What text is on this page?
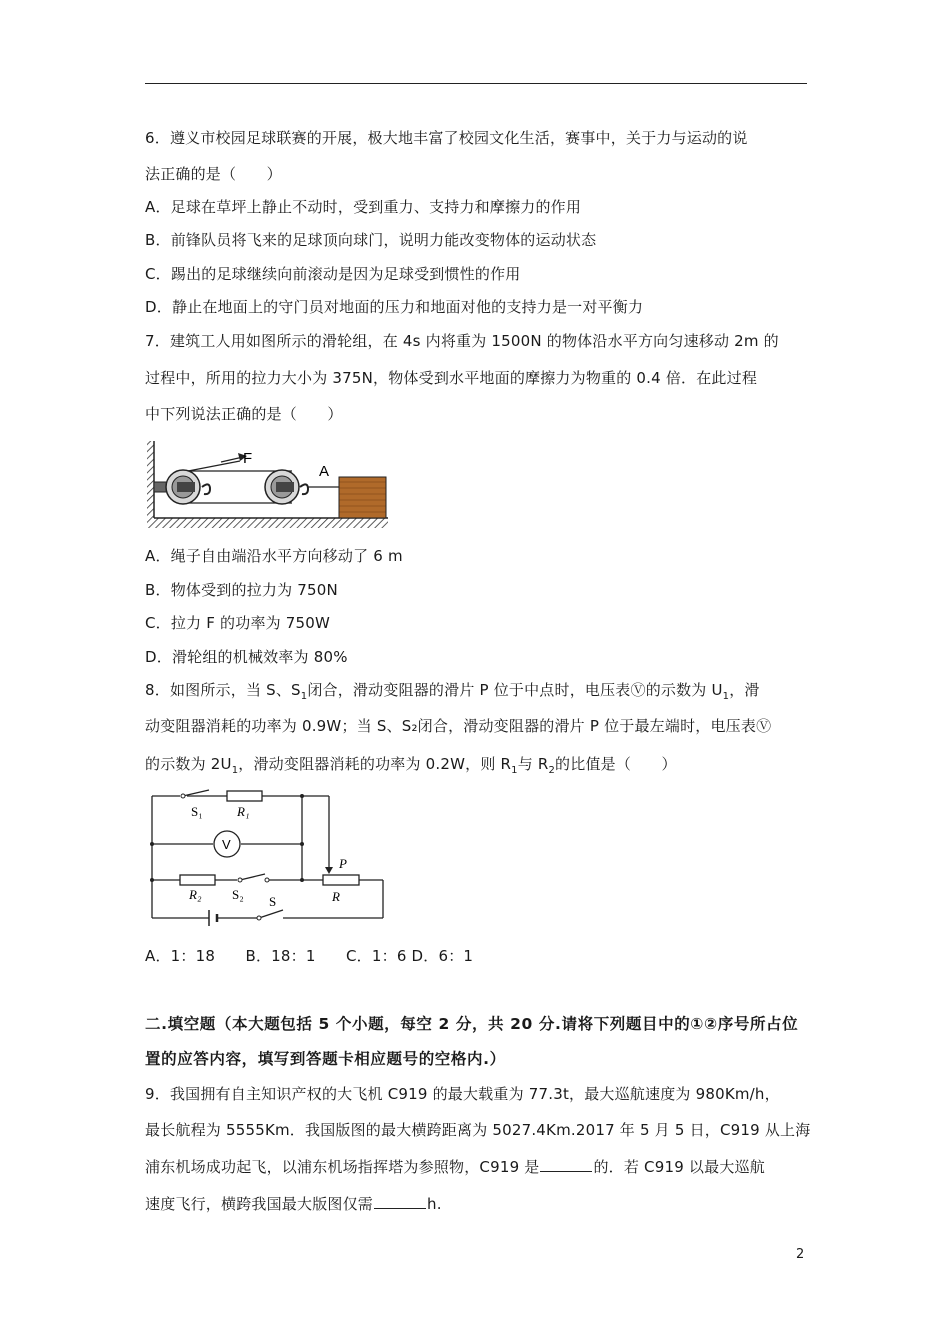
6．遵义市校园足球联赛的开展，极大地丰富了校园文化生活，赛事中，关于力与运动的说
法正确的是（　　）
A．足球在草坪上静止不动时，受到重力、支持力和摩擦力的作用
B．前锋队员将飞来的足球顶向球门，说明力能改变物体的运动状态
C．踢出的足球继续向前滚动是因为足球受到惯性的作用
D．静止在地面上的守门员对地面的压力和地面对他的支持力是一对平衡力
7．建筑工人用如图所示的滑轮组，在 4s 内将重为 1500N 的物体沿水平方向匀速移动 2m 的
过程中，所用的拉力大小为 375N，物体受到水平地面的摩擦力为物重的 0.4 倍．在此过程
中下列说法正确的是（　　）
F
A
A．绳子自由端沿水平方向移动了 6 m
B．物体受到的拉力为 750N
C．拉力 F 的功率为 750W
D．滑轮组的机械效率为 80%
8．如图所示，当 S、$S_1$闭合，滑动变阻器的滑片 P 位于中点时，电压表Ⓥ的示数为 $U_1$，滑
动变阻器消耗的功率为 0.9W；当 S、S₂闭合，滑动变阻器的滑片 P 位于最左端时，电压表Ⓥ
的示数为 $2U_1$，滑动变阻器消耗的功率为 0.2W，则 $R_1$与 $R_2$的比值是（　　）
S₁	R₁
V
R₂ S₂
P
R
S
A．1：18　　B．18：1　　C．1：6 D．6：1
二.填空题（本大题包括 5 个小题，每空 2 分，共 20 分.请将下列题目中的①②序号所占位
置的应答内容，填写到答题卡相应题号的空格内.）
9．我国拥有自主知识产权的大飞机 C919 的最大载重为 77.3t，最大巡航速度为 980Km/h，
最长航程为 5555Km．我国版图的最大横跨距离为 5027.4Km.2017 年 5 月 5 日，C919 从上海
浦东机场成功起飞，以浦东机场指挥塔为参照物，C919 是	的．若 C919 以最大巡航
速度飞行，横跨我国最大版图仅需	h.
2
